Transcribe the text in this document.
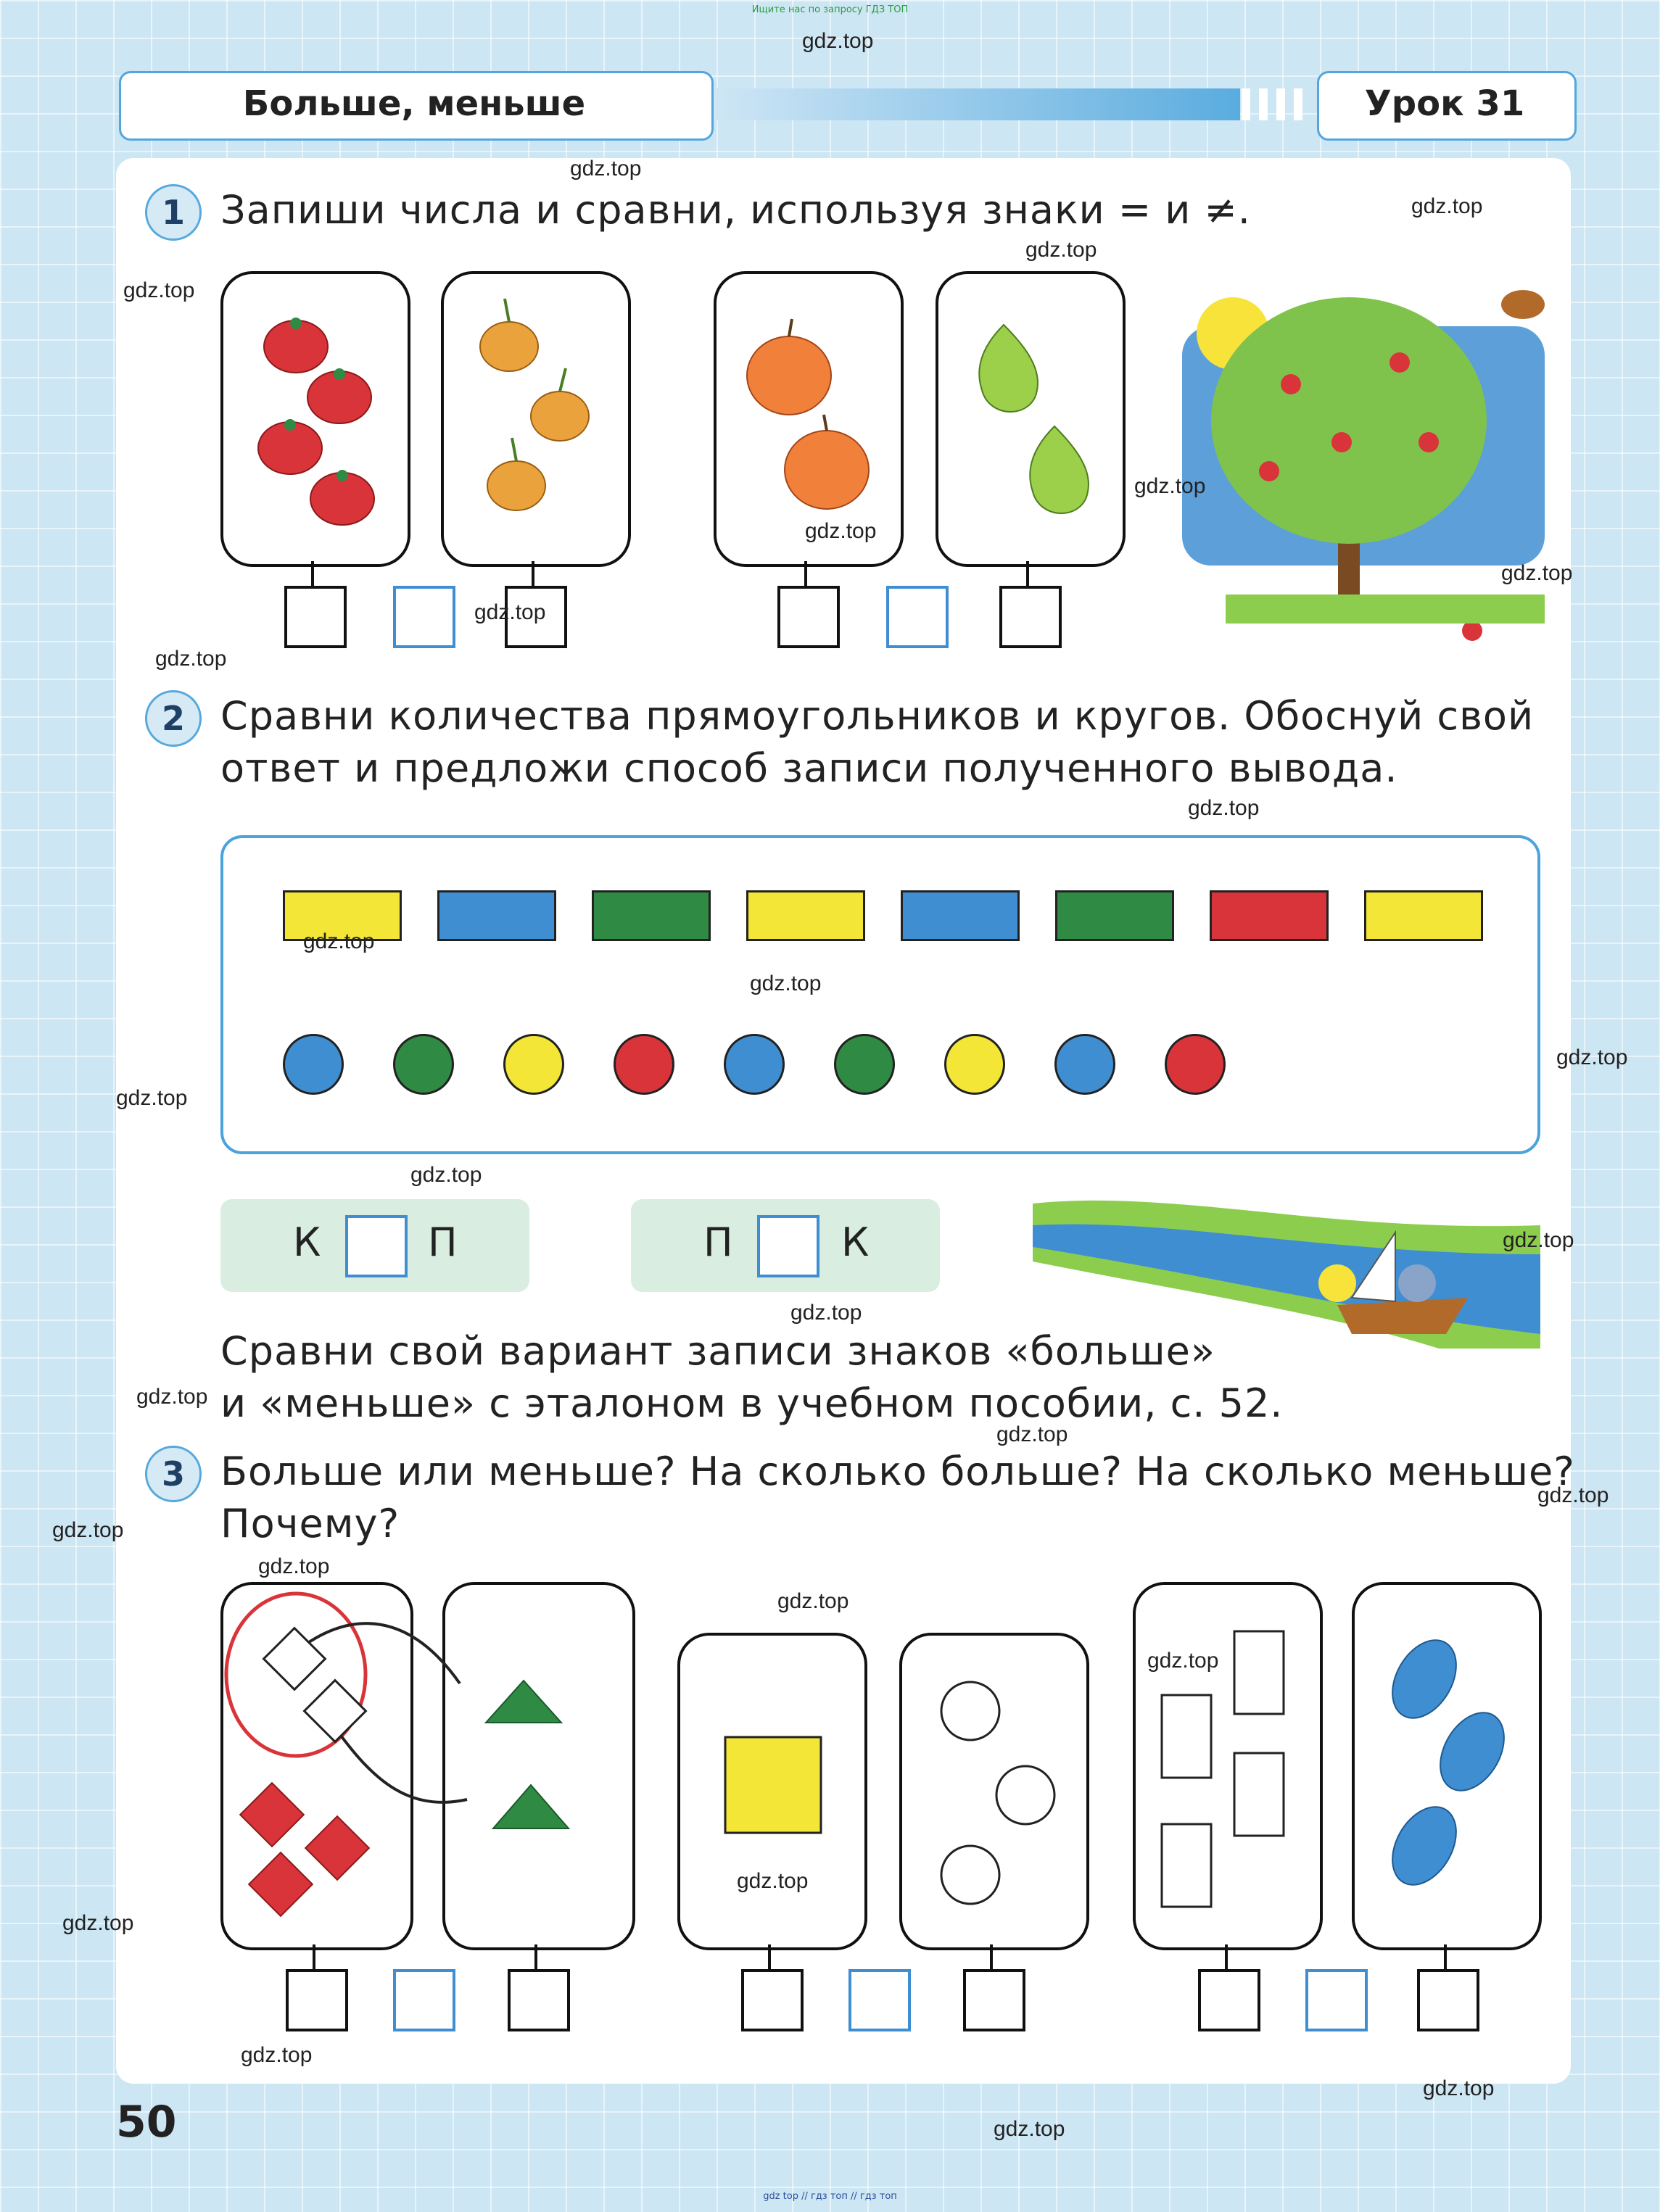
Ищите нас по запросу ГДЗ ТОП
Больше, меньше	Урок 31
1 Запиши числа и сравни, используя знаки = и ≠.
2 Сравни количества прямоугольников и кругов. Обоснуй свой
ответ и предложи способ записи полученного вывода.
К	П	П	К
Сравни свой вариант записи знаков «больше»
и «меньше» с эталоном в учебном пособии, с. 52.
3 Больше или меньше? На сколько больше? На сколько меньше?
Почему?
50
gdz.top
gdz.top
gdz.top
gdz.top
gdz.top
gdz.top
gdz.top
gdz.top
gdz.top
gdz.top
gdz.top
gdz.top
gdz.top
gdz.top
gdz.top
gdz.top
gdz.top
gdz.top
gdz.top
gdz.top
gdz.top
gdz.top
gdz.top
gdz.top
gdz.top
gdz.top
gdz.top
gdz.top
gdz.top
gdz.top
gdz top // гдз топ // гдз топ
